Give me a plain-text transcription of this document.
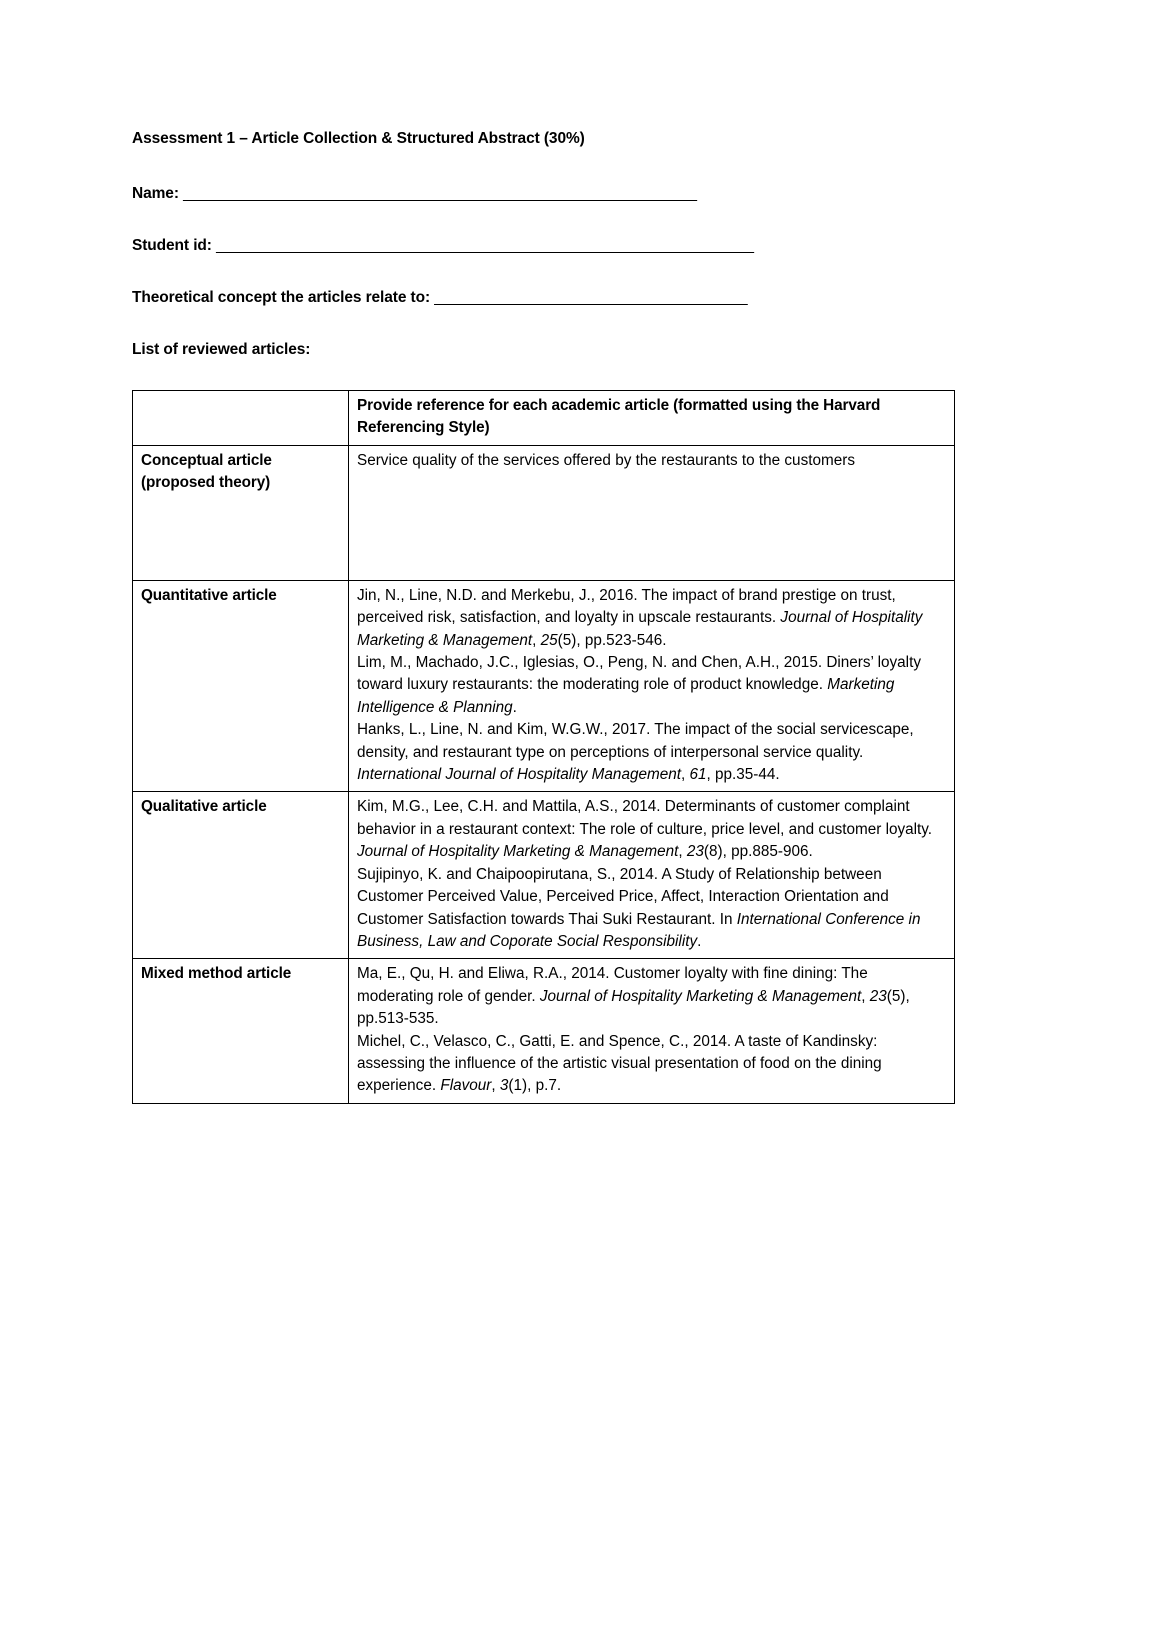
Assessment 1 – Article Collection & Structured Abstract (30%)
Name: ________________________________________________________________
Student id: ___________________________________________________________________
Theoretical concept the articles relate to: _______________________________________
List of reviewed articles:
	Provide reference for each academic article (formatted using the Harvard Referencing Style)
Conceptual article
(proposed theory)	Service quality of the services offered by the restaurants to the customers

Quantitative article	Jin, N., Line, N.D. and Merkebu, J., 2016. The impact of brand prestige on trust, perceived risk, satisfaction, and loyalty in upscale restaurants. Journal of Hospitality Marketing & Management, 25(5), pp.523-546.
Lim, M., Machado, J.C., Iglesias, O., Peng, N. and Chen, A.H., 2015. Diners’ loyalty toward luxury restaurants: the moderating role of product knowledge. Marketing Intelligence & Planning.
Hanks, L., Line, N. and Kim, W.G.W., 2017. The impact of the social servicescape, density, and restaurant type on perceptions of interpersonal service quality. International Journal of Hospitality Management, 61, pp.35-44.

Qualitative article	Kim, M.G., Lee, C.H. and Mattila, A.S., 2014. Determinants of customer complaint behavior in a restaurant context: The role of culture, price level, and customer loyalty. Journal of Hospitality Marketing & Management, 23(8), pp.885-906.
Sujipinyo, K. and Chaipoopirutana, S., 2014. A Study of Relationship between Customer Perceived Value, Perceived Price, Affect, Interaction Orientation and Customer Satisfaction towards Thai Suki Restaurant. In International Conference in Business, Law and Coporate Social Responsibility.

Mixed method article	Ma, E., Qu, H. and Eliwa, R.A., 2014. Customer loyalty with fine dining: The moderating role of gender. Journal of Hospitality Marketing & Management, 23(5), pp.513-535.
Michel, C., Velasco, C., Gatti, E. and Spence, C., 2014. A taste of Kandinsky: assessing the influence of the artistic visual presentation of food on the dining experience. Flavour, 3(1), p.7.
